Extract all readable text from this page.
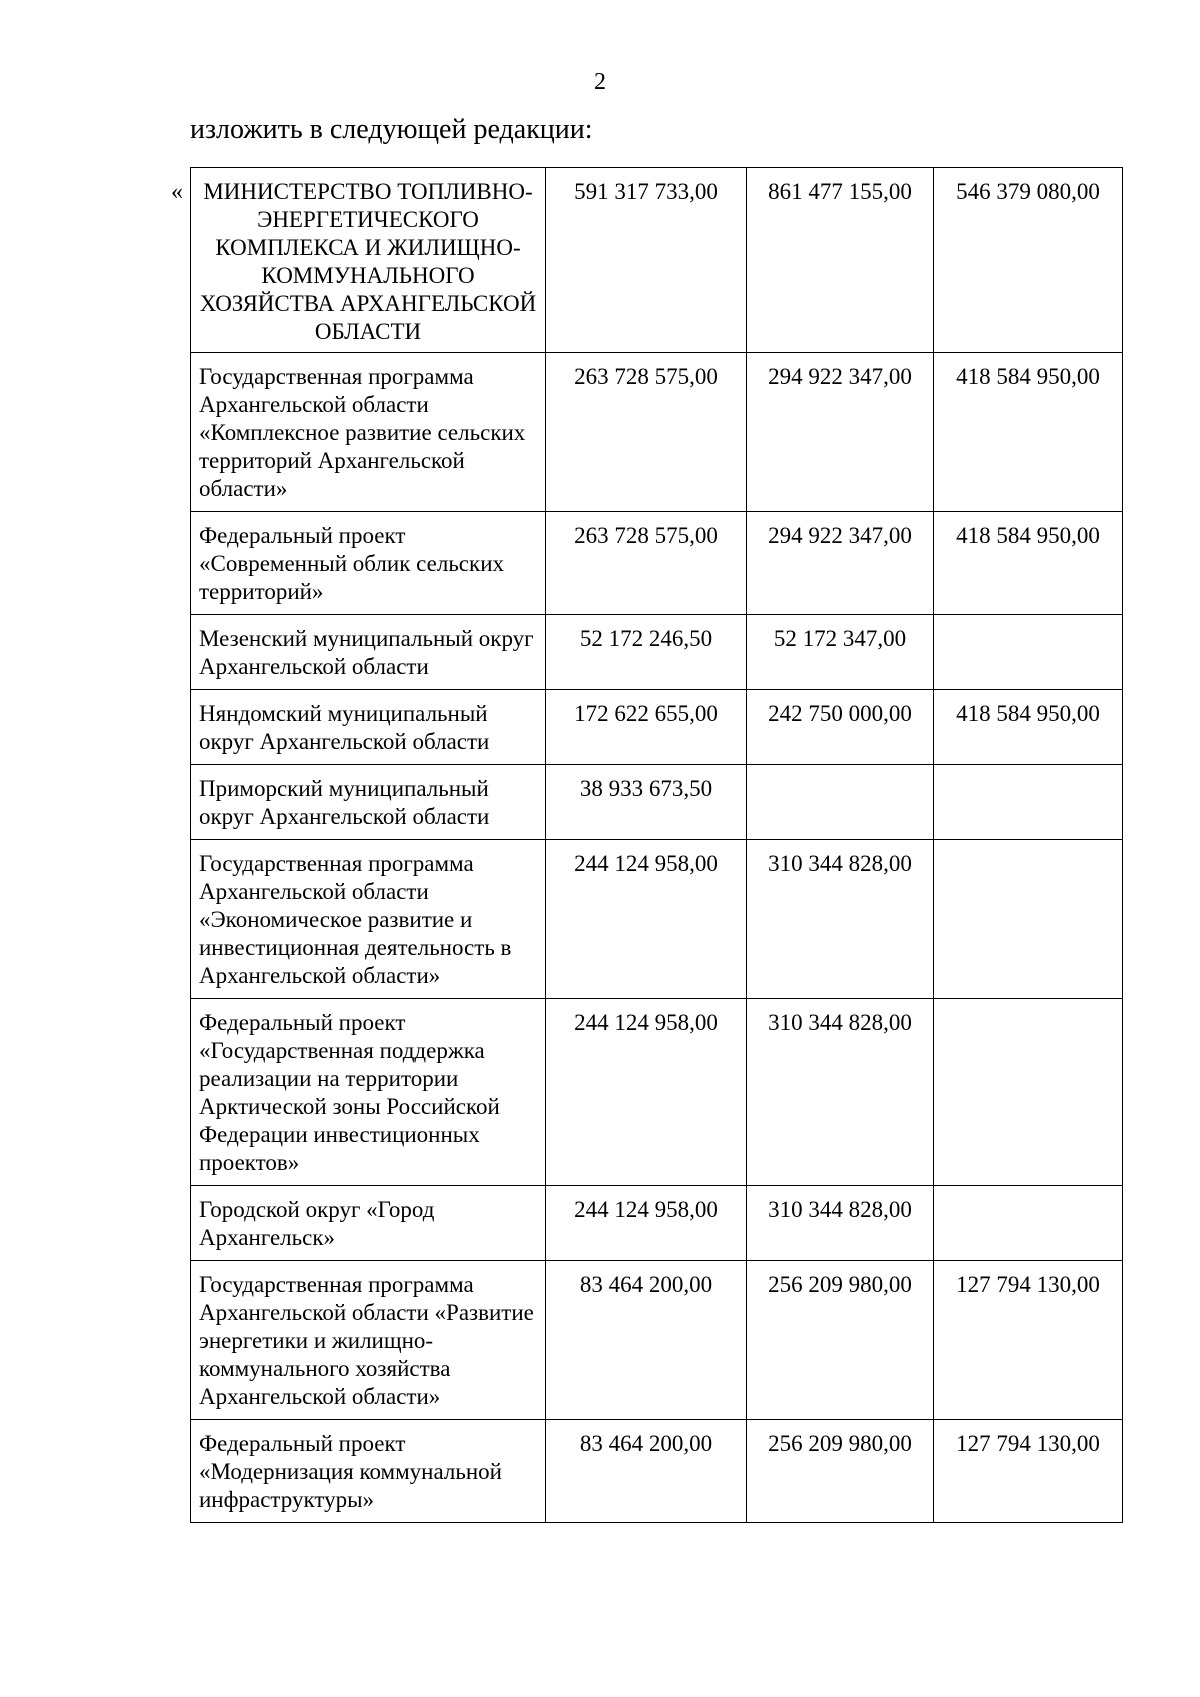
2
изложить в следующей редакции:
« МИНИСТЕРСТВО ТОПЛИВНО-ЭНЕРГЕТИЧЕСКОГО КОМПЛЕКСА И ЖИЛИЩНО-КОММУНАЛЬНОГО ХОЗЯЙСТВА АРХАНГЕЛЬСКОЙ ОБЛАСТИ	591 317 733,00	861 477 155,00	546 379 080,00
Государственная программа Архангельской области «Комплексное развитие сельских территорий Архангельской области»	263 728 575,00	294 922 347,00	418 584 950,00
Федеральный проект «Современный облик сельских территорий»	263 728 575,00	294 922 347,00	418 584 950,00
Мезенский муниципальный округ Архангельской области	52 172 246,50	52 172 347,00	
Няндомский муниципальный округ Архангельской области	172 622 655,00	242 750 000,00	418 584 950,00
Приморский муниципальный округ Архангельской области	38 933 673,50		
Государственная программа Архангельской области «Экономическое развитие и инвестиционная деятельность в Архангельской области»	244 124 958,00	310 344 828,00	
Федеральный проект «Государственная поддержка реализации на территории Арктической зоны Российской Федерации инвестиционных проектов»	244 124 958,00	310 344 828,00	
Городской округ «Город Архангельск»	244 124 958,00	310 344 828,00	
Государственная программа Архангельской области «Развитие энергетики и жилищно-коммунального хозяйства Архангельской области»	83 464 200,00	256 209 980,00	127 794 130,00
Федеральный проект «Модернизация коммунальной инфраструктуры»	83 464 200,00	256 209 980,00	127 794 130,00
